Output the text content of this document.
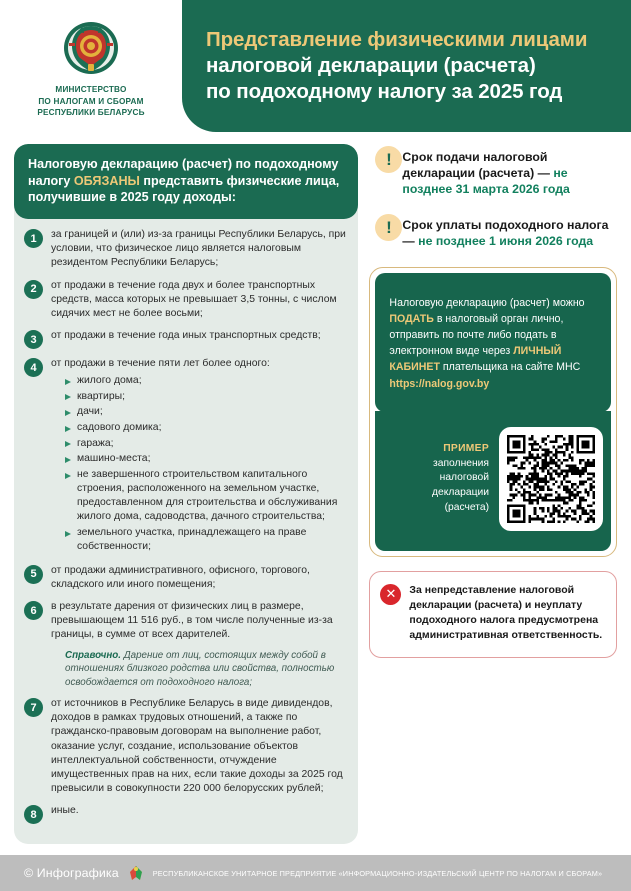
МИНИСТЕРСТВО
ПО НАЛОГАМ И СБОРАМ
РЕСПУБЛИКИ БЕЛАРУСЬ
Представление физическими лицами
налоговой декларации (расчета)
по подоходному налогу за 2025 год

Налоговую декларацию (расчет) по подоходному налогу ОБЯЗАНЫ представить физические лица, получившие в 2025 году доходы:

1	за границей и (или) из-за границы Республики Беларусь, при условии, что физическое лицо является налоговым резидентом Республики Беларусь;
2	от продажи в течение года двух и более транспортных средств, масса которых не превышает 3,5 тонны, с числом сидячих мест не более восьми;
3	от продажи в течение года иных транспортных средств;
4	от продажи в течение пяти лет более одного:
жилого дома;
квартиры;
дачи;
садового домика;
гаража;
машино-места;
не завершенного строительством капитального строения, расположенного на земельном участке, предоставленном для строительства и обслуживания жилого дома, садоводства, дачного строительства;
земельного участка, принадлежащего на праве собственности;
5	от продажи административного, офисного, торгового, складского или иного помещения;
6	в результате дарения от физических лиц в размере, превышающем 11 516 руб., в том числе полученные из-за границы, в сумме от всех дарителей.
Справочно. Дарение от лиц, состоящих между собой в отношениях близкого родства или свойства, полностью освобождается от подоходного налога;
7	от источников в Республике Беларусь в виде дивидендов, доходов в рамках трудовых отношений, а также по гражданско-правовым договорам на выполнение работ, оказание услуг, создание, использование объектов интеллектуальной собственности, отчуждение имущественных прав на них, если такие доходы за 2025 год превысили в совокупности 220 000 белорусских рублей;
8	иные.
! Срок подачи налоговой декларации (расчета) — не позднее 31 марта 2026 года
! Срок уплаты подоходного налога — не позднее 1 июня 2026 года

Налоговую декларацию (расчет) можно ПОДАТЬ в налоговый орган лично, отправить по почте либо подать в электронном виде через ЛИЧНЫЙ КАБИНЕТ плательщика на сайте МНС https://nalog.gov.by

ПРИМЕР
заполнения
налоговой
декларации
(расчета)
✕	За непредставление налоговой декларации (расчета) и неуплату подоходного налога предусмотрена административная ответственность.
© Инфографика	РЕСПУБЛИКАНСКОЕ УНИТАРНОЕ ПРЕДПРИЯТИЕ «ИНФОРМАЦИОННО-ИЗДАТЕЛЬСКИЙ ЦЕНТР ПО НАЛОГАМ И СБОРАМ»
